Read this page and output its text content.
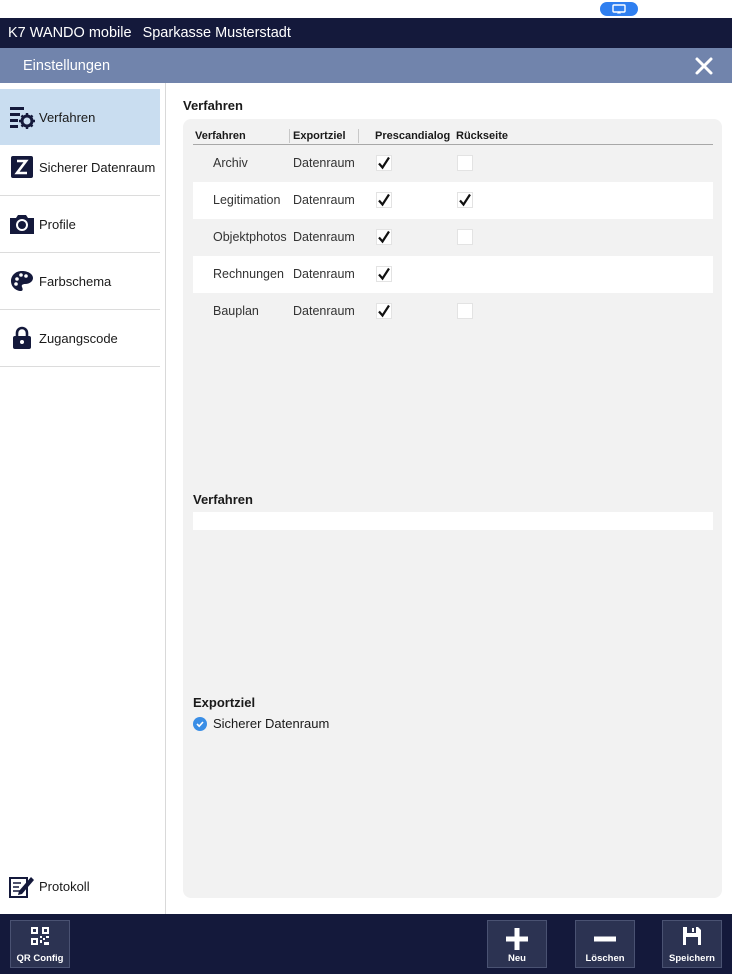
K7 WANDO mobile Sparkasse Musterstadt
Einstellungen
Verfahren
Sicherer Datenraum
Profile
Farbschema
Zugangscode
Protokoll
Verfahren
Verfahren	Exportziel	Prescandialog Rückseite
Archiv	Datenraum
Legitimation Datenraum
Objektphotos Datenraum
Rechnungen Datenraum
Bauplan	Datenraum
Verfahren
Exportziel
Sicherer Datenraum
QR Config	Neu	Löschen	Speichern
